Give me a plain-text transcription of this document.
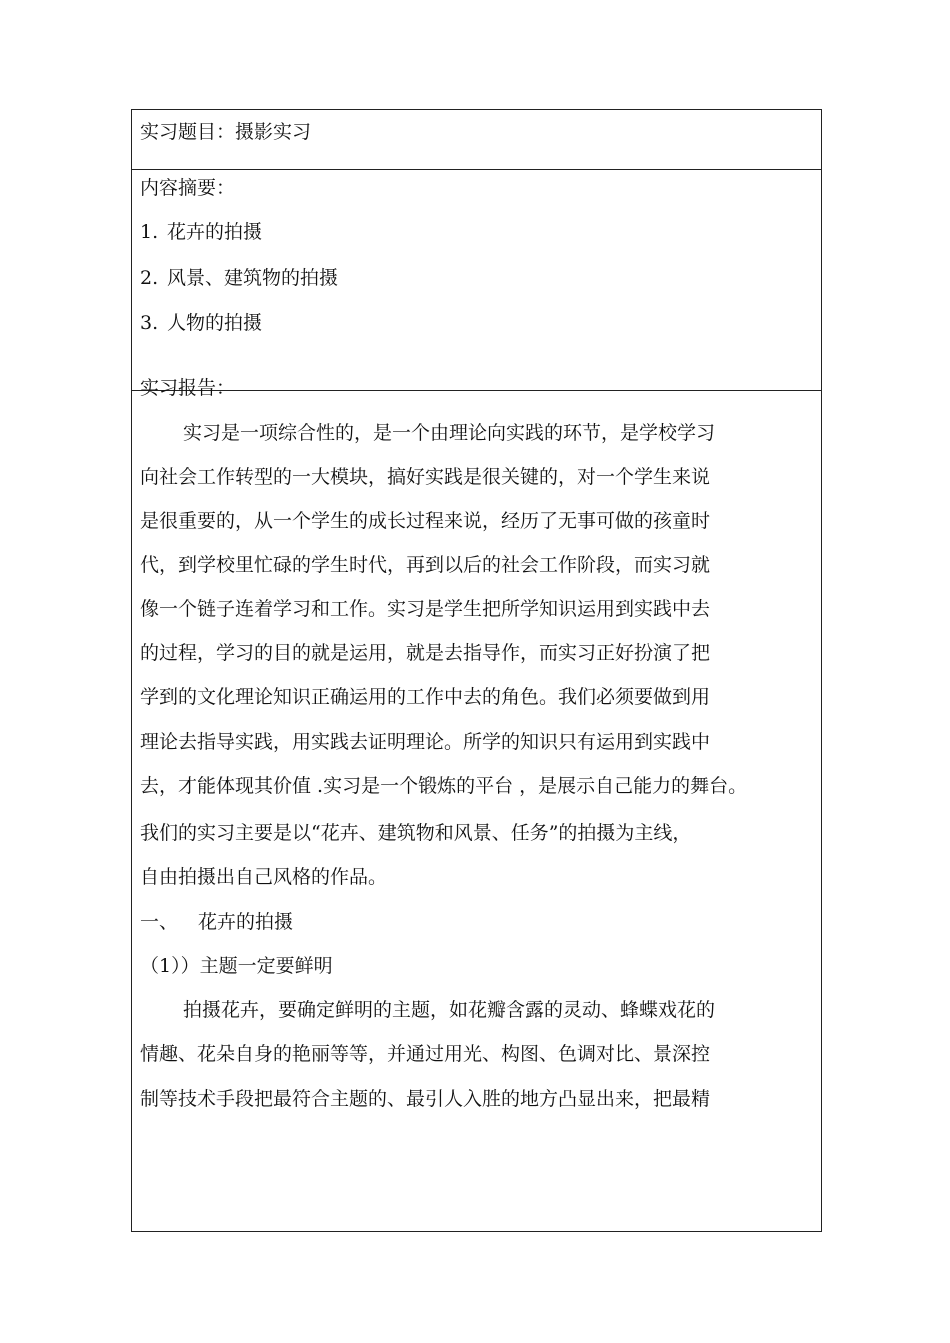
实习题目：摄影实习
内容摘要：
1. 花卉的拍摄
2. 风景、建筑物的拍摄
3. 人物的拍摄
实习报告：
实习是一项综合性的，是一个由理论向实践的环节，是学校学习
向社会工作转型的一大模块，搞好实践是很关键的，对一个学生来说
是很重要的，从一个学生的成长过程来说，经历了无事可做的孩童时
代，到学校里忙碌的学生时代，再到以后的社会工作阶段，而实习就
像一个链子连着学习和工作。实习是学生把所学知识运用到实践中去
的过程，学习的目的就是运用，就是去指导作，而实习正好扮演了把
学到的文化理论知识正确运用的工作中去的角色。我们必须要做到用
理论去指导实践，用实践去证明理论。所学的知识只有运用到实践中
去，才能体现其价值 .实习是一个锻炼的平台 ，是展示自己能力的舞台。
我们的实习主要是以“花卉、建筑物和风景、任务”的拍摄为主线，
自由拍摄出自己风格的作品。
一、 花卉的拍摄
（1））主题一定要鲜明
拍摄花卉，要确定鲜明的主题，如花瓣含露的灵动、蜂蝶戏花的
情趣、花朵自身的艳丽等等，并通过用光、构图、色调对比、景深控
制等技术手段把最符合主题的、最引人入胜的地方凸显出来，把最精
